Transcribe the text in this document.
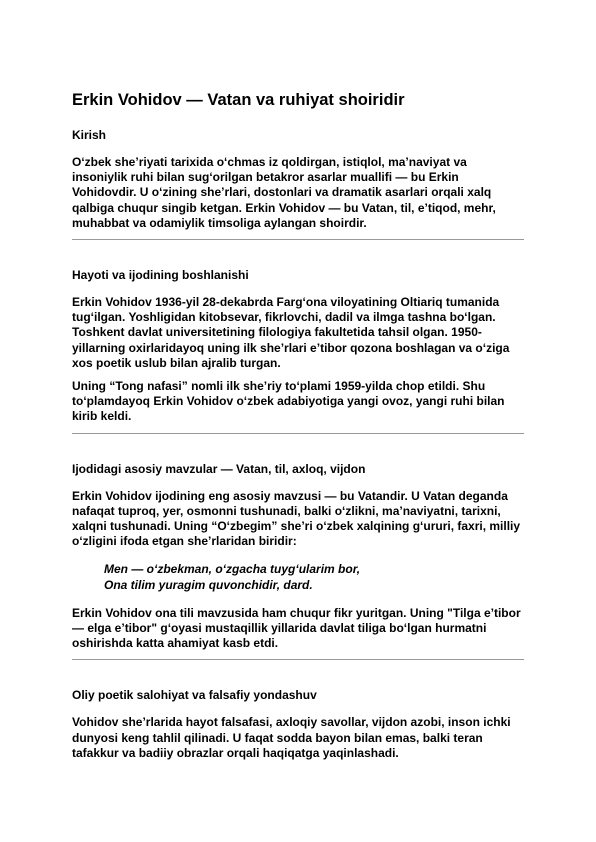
Erkin Vohidov — Vatan va ruhiyat shoiridir
Kirish

O‘zbek she’riyati tarixida o‘chmas iz qoldirgan, istiqlol, ma’naviyat va insoniylik ruhi bilan sug‘orilgan betakror asarlar muallifi — bu Erkin Vohidovdir. U o‘zining she’rlari, dostonlari va dramatik asarlari orqali xalq qalbiga chuqur singib ketgan. Erkin Vohidov — bu Vatan, til, e’tiqod, mehr, muhabbat va odamiylik timsoliga aylangan shoirdir.

Hayoti va ijodining boshlanishi

Erkin Vohidov 1936-yil 28-dekabrda Farg‘ona viloyatining Oltiariq tumanida tug‘ilgan. Yoshligidan kitobsevar, fikrlovchi, dadil va ilmga tashna bo‘lgan. Toshkent davlat universitetining filologiya fakultetida tahsil olgan. 1950-yillarning oxirlaridayoq uning ilk she’rlari e’tibor qozona boshlagan va o‘ziga xos poetik uslub bilan ajralib turgan.

Uning “Tong nafasi” nomli ilk she’riy to‘plami 1959-yilda chop etildi. Shu to‘plamdayoq Erkin Vohidov o‘zbek adabiyotiga yangi ovoz, yangi ruhi bilan kirib keldi.

Ijodidagi asosiy mavzular — Vatan, til, axloq, vijdon

Erkin Vohidov ijodining eng asosiy mavzusi — bu Vatandir. U Vatan deganda nafaqat tuproq, yer, osmonni tushunadi, balki o‘zlikni, ma’naviyatni, tarixni, xalqni tushunadi. Uning “O‘zbegim” she’ri o‘zbek xalqining g‘ururi, faxri, milliy o‘zligini ifoda etgan she’rlaridan biridir:

Men — o‘zbekman, o‘zgacha tuyg‘ularim bor,
Ona tilim yuragim quvonchidir, dard.

Erkin Vohidov ona tili mavzusida ham chuqur fikr yuritgan. Uning "Tilga e’tibor — elga e’tibor" g‘oyasi mustaqillik yillarida davlat tiliga bo‘lgan hurmatni oshirishda katta ahamiyat kasb etdi.

Oliy poetik salohiyat va falsafiy yondashuv

Vohidov she’rlarida hayot falsafasi, axloqiy savollar, vijdon azobi, inson ichki dunyosi keng tahlil qilinadi. U faqat sodda bayon bilan emas, balki teran tafakkur va badiiy obrazlar orqali haqiqatga yaqinlashadi.
